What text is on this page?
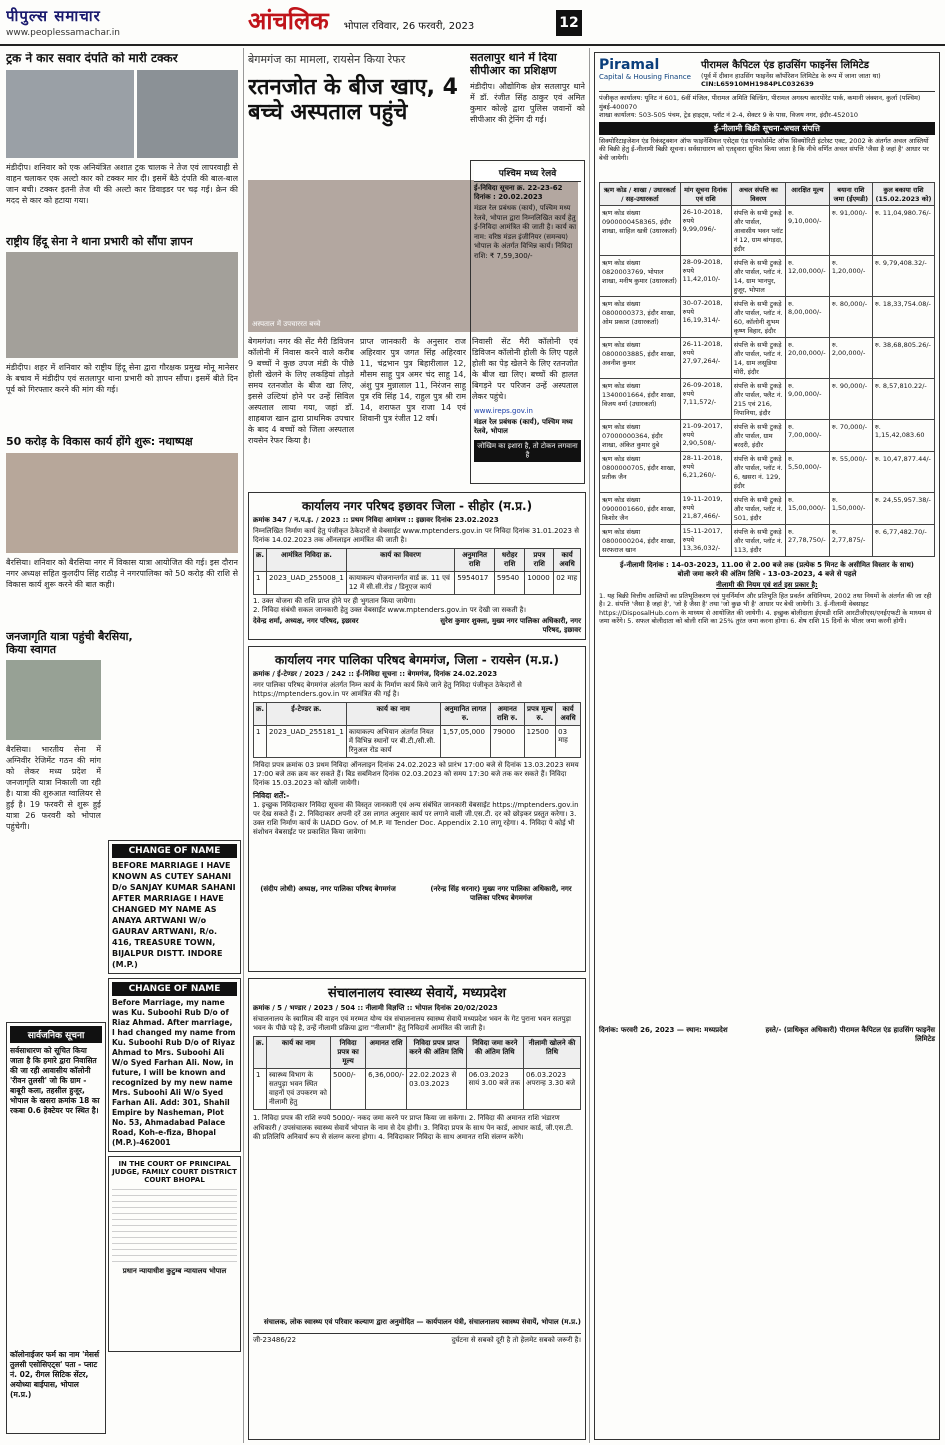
पीपुल्स समाचार
www.peoplessamachar.in	आंचलिक भोपाल रविवार, 26 फरवरी, 2023	12
ट्रक ने कार सवार दंपति को मारी टक्कर
मंडीदीप। शनिवार को एक अनियंत्रित अशात ट्रक चालक ने तेज एवं लापरवाही से वाहन चलाकर एक अल्टो कार को टक्कर मार दी। इसमें बैठे दंपति की बाल-बाल जान बची। टक्कर इतनी तेज थी की अल्टो कार डिवाइडर पर चढ़ गई। क्रेन की मदद से कार को हटाया गया।
राष्ट्रीय हिंदू सेना ने थाना प्रभारी को सौंपा ज्ञापन
मंडीदीप। शहर में शनिवार को राष्ट्रीय हिंदू सेना द्वारा गौरक्षक प्रमुख मोनू मानेसर के बचाव में मंडीदीप एवं सतलापुर थाना प्रभारी को ज्ञापन सौंपा। इसमें बीते दिन पूर्व को गिरफ्तार करने की मांग की गई।
50 करोड़ के विकास कार्य होंगे शुरू: नथाष्पक्ष
बैरसिया। शनिवार को बैरसिया नगर में विकास यात्रा आयोजित की गई। इस दौरान नगर अध्यक्ष सहित कुलदीप सिंह राठौड़ ने नगरपालिका को 50 करोड़ की राशि से विकास कार्य शुरू करने की बात कही।
जनजागृति यात्रा पहुंची बैरसिया, किया स्वागत
बैरसिया। भारतीय सेना में अग्निवीर रेजिमेंट गठन की मांग को लेकर मध्य प्रदेश में जनजागृति यात्रा निकाली जा रही है। यात्रा की शुरुआत ग्वालियर से हुई है। 19 फरवरी से शुरू हुई यात्रा 26 फरवरी को भोपाल पहुंचेगी।
सार्वजनिक सूचना
सर्वसाधारण को सूचित किया जाता है कि हमारे द्वारा निवासित की जा रही आवासीय कॉलोनी 'रीवन तुलसी' जो कि ग्राम - बाबूरी कला, तहसील हुजूर, भोपाल के खसरा क्रमांक 18 का रकबा 0.6 हेक्टेयर पर स्थित है।
कॉलोनाईजर फर्म का नाम 'मेसर्स तुलसी एसोसिएट्स' पता - प्लाट नं. 02, रीगल सिटिक सेंटर, अयोध्या बाईपास, भोपाल (म.प्र.)
CHANGE OF NAME
BEFORE MARRIAGE I HAVE KNOWN AS CUTEY SAHANI D/o SANJAY KUMAR SAHANI AFTER MARRIAGE I HAVE CHANGED MY NAME AS ANAYA ARTWANI W/o GAURAV ARTWANI, R/o. 416, TREASURE TOWN, BIJALPUR DISTT. INDORE (M.P.)
CHANGE OF NAME
Before Marriage, my name was Ku. Suboohi Rub D/o of Riaz Ahmad. After marriage, I had changed my name from Ku. Suboohi Rub D/o of Riyaz Ahmad to Mrs. Suboohi Ali W/o Syed Farhan Ali. Now, in future, I will be known and recognized by my new name Mrs. Suboohi Ali W/o Syed Farhan Ali. Add: 301, Shahil Empire by Nasheman, Plot No. 53, Ahmadabad Palace Road, Koh-e-fiza, Bhopal (M.P.)-462001
IN THE COURT OF PRINCIPAL JUDGE, FAMILY COURT DISTRICT COURT BHOPAL
प्रधान न्यायाधीश कुटुम्ब न्यायालय भोपाल
बेगमगंज का मामला, रायसेन किया रेफर
रतनजोत के बीज खाए, 4 बच्चे अस्पताल पहुंचे
अस्पताल में उपचाररत बच्चे
बेगमगंज। नगर की सेंट मैरी डिविजन कॉलोनी में निवास करने वाले करीब 9 बच्चों ने कुछ उपज मंडी के पीछे होली खेलने के लिए लकड़ियां तोड़ते समय रतनजोत के बीज खा लिए, इससे उल्टियां होने पर उन्हें सिविल अस्पताल लाया गया, जहां डॉ. शाहबाज खान द्वारा प्राथमिक उपचार के बाद 4 बच्चों को जिला अस्पताल रायसेन रेफर किया है।
प्राप्त जानकारी के अनुसार राज अहिरवार पुत्र जगत सिंह अहिरवार 11, चंद्रभान पुत्र बिहारीलाल 12, मौसम साहू पुत्र अमर चंद साहू 14, अंशु पुत्र मुन्नालाल 11, निरंजन साहू पुत्र रवि सिंह 14, राहुल पुत्र श्री राम 14, शराफत पुत्र राजा 14 एवं शिवानी पुत्र रंजीत 12 वर्ष।
निवासी सेंट मैरी कॉलोनी एवं डिविजन कॉलोनी होली के लिए पहले होली का पेड़ खेलने के लिए रतनजोत के बीज खा लिए। बच्चों की हालत बिगड़ने पर परिजन उन्हें अस्पताल लेकर पहुंचे।
सतलापुर थाने में दिया सीपीआर का प्रशिक्षण
मंडीदीप। औद्योगिक क्षेत्र सतलापुर थाने में डॉ. रंजीत सिंह ठाकुर एवं अमित कुमार कोल्हे द्वारा पुलिस जवानों को सीपीआर की ट्रेनिंग दी गई।
पश्चिम मध्य रेलवे
ई-निविदा सूचना क्र. 22-23-62 दिनांक : 20.02.2023
मंडल रेल प्रबंधक (कार्य), पश्चिम मध्य रेलवे, भोपाल द्वारा निम्नलिखित कार्य हेतु ई-निविदा आमंत्रित की जाती है। कार्य का नाम: वरिष्ठ मंडल इंजीनियर (समन्वय) भोपाल के अंतर्गत विभिन्न कार्य। निविदा राशि: ₹ 7,59,300/-
www.ireps.gov.in
मंडल रेल प्रबंधक (कार्य), पश्चिम मध्य रेलवे, भोपाल
जोखिम का इशारा है, तो टोकन लगवाना है
कार्यालय नगर परिषद इछावर जिला - सीहोर (म.प्र.)
क्रमांक 347 / न.प.इ. / 2023 :: प्रथम निविदा आमंत्रण :: इछावर दिनांक 23.02.2023
निम्नलिखित निर्माण कार्य हेतु पंजीकृत ठेकेदारों से वेबसाईट www.mptenders.gov.in पर निविदा दिनांक 31.01.2023 से दिनांक 14.02.2023 तक ऑनलाइन आमंत्रित की जाती है।
क्र.	आमंत्रित निविदा क्र.	कार्य का विवरण	अनुमानित राशि	धरोहर राशि	प्रपत्र राशि	कार्य अवधि
1	2023_UAD_255008_1	कायाकल्प योजनान्तर्गत वार्ड क्र. 11 एवं 12 में सी.सी.रोड / डिनूएज कार्य	5954017	59540	10000	02 माह
1. उक्त योजना की राशि प्राप्त होने पर ही भुगतान किया जायेगा।
2. निविदा संबंधी सकल जानकारी हेतु उक्त वेबसाईट www.mptenders.gov.in पर देखी जा सकती है।
देवेन्द्र शर्मा, अध्यक्ष, नगर परिषद, इछावर	सुरेश कुमार शुक्ला, मुख्य नगर पालिका अधिकारी, नगर परिषद, इछावर
कार्यालय नगर पालिका परिषद बेगमगंज, जिला - रायसेन (म.प्र.)
क्रमांक / ई-टेण्डर / 2023 / 242 :: ई-निविदा सूचना :: बेगमगंज, दिनांक 24.02.2023
नगर पालिका परिषद बेगमगंज अंतर्गत निम्न कार्य के निर्माण कार्य किये जाने हेतु निविदा पंजीकृत ठेकेदारों से https://mptenders.gov.in पर आमंत्रित की गई है।
क्र.	ई-टेण्डर क्र.	कार्य का नाम	अनुमानित लागत रु.	अमानत राशि रु.	प्रपत्र मूल्य रु.	कार्य अवधि
1	2023_UAD_255181_1	कायाकल्प अभियान अंतर्गत नियत में विभिन्न स्थानों पर बी.टी./सी.सी. रिनुअल रोड कार्य	1,57,05,000	79000	12500	03 माह
निविदा प्रपत्र क्रमांक 03 प्रथम निविदा ऑनलाइन दिनांक 24.02.2023 को प्रारंभ 17:00 बजे से दिनांक 13.03.2023 समय 17:00 बजे तक क्रय कर सकते हैं। बिड सबमिशन दिनांक 02.03.2023 को समय 17:30 बजे तक कर सकते हैं। निविदा दिनांक 15.03.2023 को खोली जायेगी।
निविदा शर्तें:-
1. इच्छुक निविदाकार निविदा सूचना की विस्तृत जानकारी एवं अन्य संबंधित जानकारी वेबसाईट https://mptenders.gov.in पर देख सकते हैं। 2. निविदाकार अपनी दरें उस लागत अनुसार कार्य पर लगाने वाली जी.एस.टी. दर को छोड़कर प्रस्तुत करेगा। 3. उक्त राशि निर्माण कार्य के UADD Gov. of M.P. मा Tender Doc. Appendix 2.10 लागू रहेगा। 4. निविदा पे कोई भी संशोधन वेबसाईट पर प्रकाशित किया जावेगा।
(संदीप लोधी) अध्यक्ष, नगर पालिका परिषद बेगमगंज	(नरेन्द्र सिंह धरनार) मुख्य नगर पालिका अधिकारी, नगर पालिका परिषद बेगमगंज
संचालनालय स्वास्थ्य सेवायें, मध्यप्रदेश
क्रमांक / 5 / भण्डार / 2023 / 504 :: नीलामी विज्ञप्ति :: भोपाल दिनांक 20/02/2023
संचालनालय के स्वामित्व की वाहन एवं मरम्मत योग्य यंत्र संचालनालय स्वास्थ्य सेवायें मध्यप्रदेश भवन के गेट पुराना भवन सतपुड़ा भवन के पीछे पड़े है, उन्हें नीलामी प्रक्रिया द्वारा "नीलामी" हेतु निविदायें आमंत्रित की जाती है।
क्र.	कार्य का नाम	निविदा प्रपत्र का मूल्य	अमानत राशि	निविदा प्रपत्र प्राप्त करने की अंतिम तिथि	निविदा जमा करने की अंतिम तिथि	नीलामी खोलने की तिथि
1	स्वास्थ्य विभाग के सतपुड़ा भवन स्थित वाहनों एवं उपकरण को नीलामी हेतु	5000/-	6,36,000/-	22.02.2023 से 03.03.2023	06.03.2023 सायं 3.00 बजे तक	06.03.2023 अपरान्ह 3.30 बजे
1. निविदा प्रपत्र की राशि रुपये 5000/- नकद जमा करने पर प्राप्त किया जा सकेगा। 2. निविदा की अमानत राशि भंडारण अधिकारी / उपसंचालक स्वास्थ्य सेवायें भोपाल के नाम से देय होगी। 3. निविदा प्रपत्र के साथ पेन कार्ड, आधार कार्ड, जी.एस.टी. की प्रतिलिपि अनिवार्य रूप से संलग्न करना होगा। 4. निविदाकार निविदा के साथ अमानत राशि संलग्न करेंगे।
संचालक, लोक स्वास्थ्य एवं परिवार कल्याण द्वारा अनुमोदित — कार्यपालन यंत्री, संचालनालय स्वास्थ्य सेवायें, भोपाल (म.प्र.)
जी-23486/22	दुर्घटना से सबको दूरी है तो हेलमेट सबको जरूरी है।
Piramal
Capital & Housing Finance
पीरामल कैपिटल एंड हाउसिंग फाइनेंस लिमिटेड
(पूर्व में दीवान हाउसिंग फाइनेंस कॉर्पोरेशन लिमिटेड के रूप में जाना जाता था)
CIN:L65910MH1984PLC032639
पंजीकृत कार्यालय: यूनिट नं 601, 6वीं मंजिल, पीरामल अमिति बिल्डिंग, पीरामल अगस्त्य कारपोरेट पार्क, कमानी जंक्शन, कुर्ला (पश्चिम) मुंबई-400070
शाखा कार्यालय: 503-505 पंचम, ट्रेड हाइट्स, प्लॉट नं 2-4, सेक्टर 9 के पास, विजय नगर, इंदौर-452010
ई-नीलामी बिक्री सूचना-अचल संपत्ति
सिक्योरिटाइजेशन एंड रिकंस्ट्रक्शन ऑफ फाइनेंशियल एसेट्स एंड एनफोर्समेंट ऑफ सिक्योरिटी इंटरेस्ट एक्ट, 2002 के अंतर्गत अचल आस्तियों की बिक्री हेतु ई-नीलामी बिक्री सूचना। सर्वसाधारण को एतद्द्वारा सूचित किया जाता है कि नीचे वर्णित अचल संपत्ति 'जैसा है जहां है' आधार पर बेची जायेगी।
ऋण कोड / शाखा / उधारकर्ता / सह-उधारकर्ता	मांग सूचना दिनांक एवं राशि	अचल संपत्ति का विवरण	आरक्षित मूल्य	बयाना राशि जमा (ईएमडी)	कुल बकाया राशि (15.02.2023 को)
ऋण कोड संख्या 0900000458365, इंदौर शाखा, साहिल खत्री (उधारकर्ता)	26-10-2018, रुपये 9,99,096/-	संपत्ति के सभी टुकड़े और पार्सल, आवासीय भवन प्लॉट नं 12, ग्राम बांगड़दा, इंदौर	रु. 9,10,000/-	रु. 91,000/-	रु. 11,04,980.76/-
ऋण कोड संख्या 0820003769, भोपाल शाखा, मनीष कुमार (उधारकर्ता)	28-09-2018, रुपये 11,42,010/-	संपत्ति के सभी टुकड़े और पार्सल, प्लॉट नं. 14, ग्राम भानपुर, हुजूर, भोपाल	रु. 12,00,000/-	रु. 1,20,000/-	रु. 9,79,408.32/-
ऋण कोड संख्या 0800000373, इंदौर शाखा, ओम प्रकाश (उधारकर्ता)	30-07-2018, रुपये 16,19,314/-	संपत्ति के सभी टुकड़े और पार्सल, प्लॉट नं. 60, कॉलोनी शुभम कृष्ण विहार, इंदौर	रु. 8,00,000/-	रु. 80,000/-	रु. 18,33,754.08/-
ऋण कोड संख्या 0800003885, इंदौर शाखा, अवनीश कुमार	26-11-2018, रुपये 27,97,264/-	संपत्ति के सभी टुकड़े और पार्सल, प्लॉट नं. 14, ग्राम लसूडिया मोरी, इंदौर	रु. 20,00,000/-	रु. 2,00,000/-	रु. 38,68,805.26/-
ऋण कोड संख्या 1340001664, इंदौर शाखा, विजय वर्मा (उधारकर्ता)	26-09-2018, रुपये 7,11,572/-	संपत्ति के सभी टुकड़े और पार्सल, फ्लैट नं. 215 एवं 216, निपानिया, इंदौर	रु. 9,00,000/-	रु. 90,000/-	रु. 8,57,810.22/-
ऋण कोड संख्या 07000000364, इंदौर शाखा, अंकित कुमार दुबे	21-09-2017, रुपये 2,90,508/-	संपत्ति के सभी टुकड़े और पार्सल, ग्राम बरदरी, इंदौर	रु. 7,00,000/-	रु. 70,000/-	रु. 1,15,42,083.60
ऋण कोड संख्या 0800000705, इंदौर शाखा, प्रतीक जैन	28-11-2018, रुपये 6,21,260/-	संपत्ति के सभी टुकड़े और पार्सल, प्लॉट नं. 6, खसरा नं. 129, इंदौर	रु. 5,50,000/-	रु. 55,000/-	रु. 10,47,877.44/-
ऋण कोड संख्या 0900001660, इंदौर शाखा, किशोर जैन	19-11-2019, रुपये 21,87,466/-	संपत्ति के सभी टुकड़े और पार्सल, प्लॉट नं. 501, इंदौर	रु. 15,00,000/-	रु. 1,50,000/-	रु. 24,55,957.38/-
ऋण कोड संख्या 0800000204, इंदौर शाखा, सरफराज खान	15-11-2017, रुपये 13,36,032/-	संपत्ति के सभी टुकड़े और पार्सल, प्लॉट नं. 113, इंदौर	रु. 27,78,750/-	रु. 2,77,875/-	रु. 6,77,482.70/-
ई-नीलामी दिनांक : 14-03-2023, 11.00 से 2.00 बजे तक (प्रत्येक 5 मिनट के असीमित विस्तार के साथ)
बोली जमा करने की अंतिम तिथि - 13-03-2023, 4 बजे से पहले
नीलामी की नियम एवं शर्त इस प्रकार है:
1. यह बिक्री वित्तीय आस्तियों का प्रतिभूतिकरण एवं पुनर्निर्माण और प्रतिभूति हित प्रवर्तन अधिनियम, 2002 तथा नियमों के अंतर्गत की जा रही है। 2. संपत्ति 'जैसा है जहां है', 'जो है जैसा है' तथा 'जो कुछ भी है' आधार पर बेची जायेगी। 3. ई-नीलामी वेबसाइट https://DisposalHub.com के माध्यम से आयोजित की जायेगी। 4. इच्छुक बोलीदाता ईएमडी राशि आरटीजीएस/एनईएफटी के माध्यम से जमा करेंगे। 5. सफल बोलीदाता को बोली राशि का 25% तुरंत जमा करना होगा। 6. शेष राशि 15 दिनों के भीतर जमा करनी होगी।
दिनांक: फरवरी 26, 2023 — स्थान: मध्यप्रदेश	हस्ते/- (प्राधिकृत अधिकारी) पीरामल कैपिटल एंड हाउसिंग फाइनेंस लिमिटेड
